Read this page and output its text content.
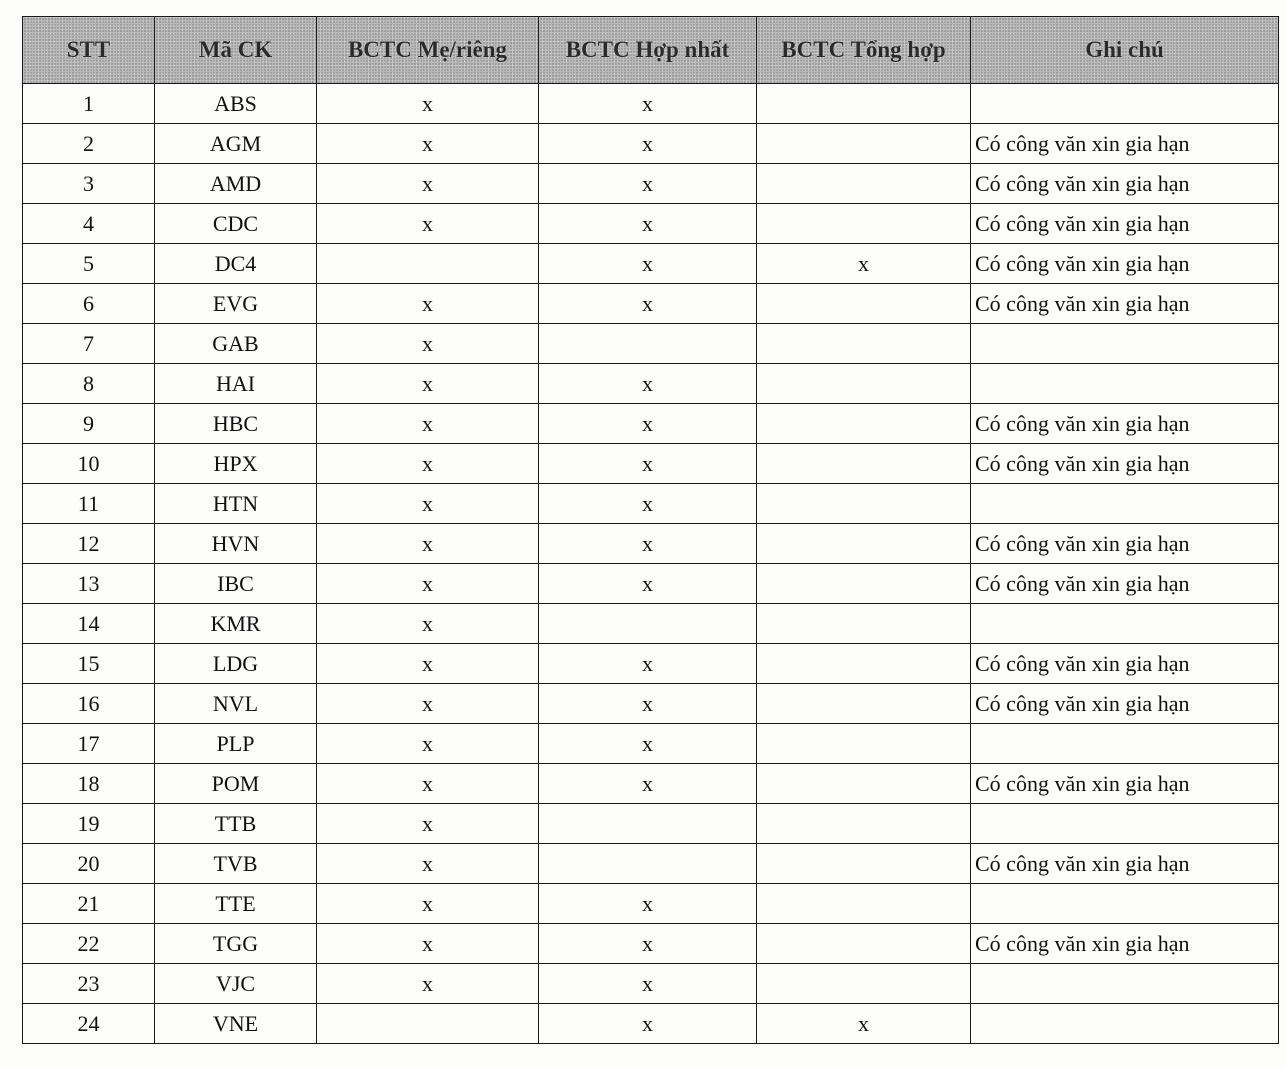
STT	Mã CK	BCTC Mẹ/riêng	BCTC Hợp nhất	BCTC Tổng hợp	Ghi chú
1	ABS	x	x		
2	AGM	x	x		Có công văn xin gia hạn
3	AMD	x	x		Có công văn xin gia hạn
4	CDC	x	x		Có công văn xin gia hạn
5	DC4		x	x	Có công văn xin gia hạn
6	EVG	x	x		Có công văn xin gia hạn
7	GAB	x			
8	HAI	x	x		
9	HBC	x	x		Có công văn xin gia hạn
10	HPX	x	x		Có công văn xin gia hạn
11	HTN	x	x		
12	HVN	x	x		Có công văn xin gia hạn
13	IBC	x	x		Có công văn xin gia hạn
14	KMR	x			
15	LDG	x	x		Có công văn xin gia hạn
16	NVL	x	x		Có công văn xin gia hạn
17	PLP	x	x		
18	POM	x	x		Có công văn xin gia hạn
19	TTB	x			
20	TVB	x			Có công văn xin gia hạn
21	TTE	x	x		
22	TGG	x	x		Có công văn xin gia hạn
23	VJC	x	x		
24	VNE		x	x	
